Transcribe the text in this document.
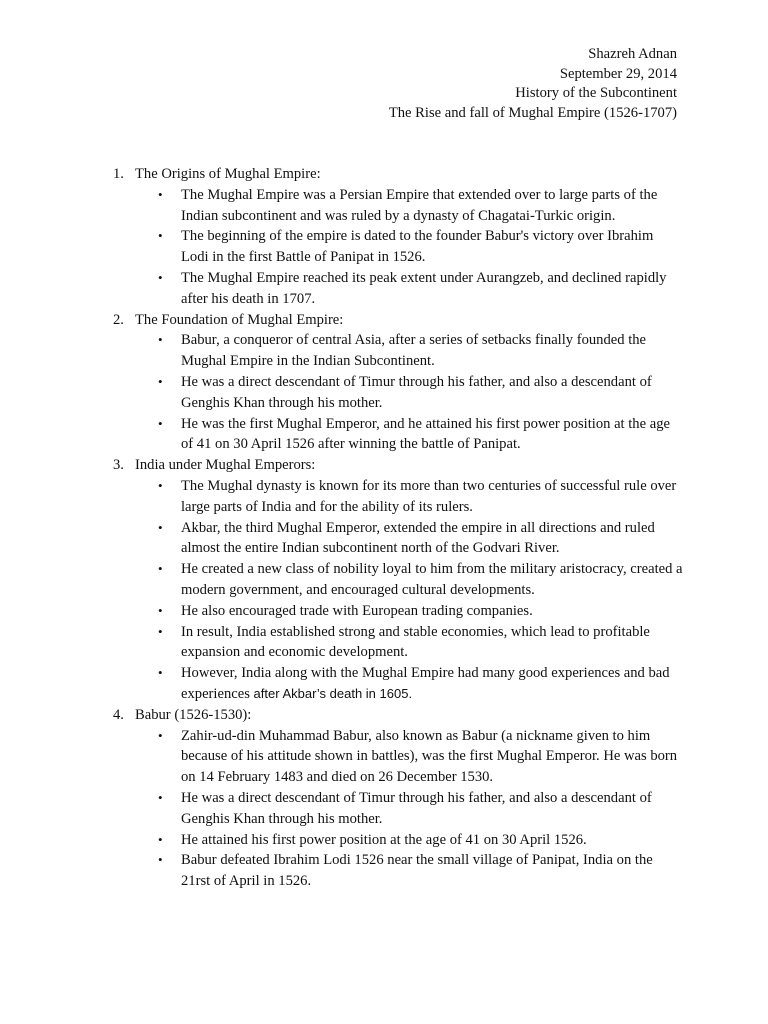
Shazreh Adnan
September 29, 2014
History of the Subcontinent
The Rise and fall of Mughal Empire (1526-1707)
1. The Origins of Mughal Empire:
• The Mughal Empire was a Persian Empire that extended over to large parts of the Indian subcontinent and was ruled by a dynasty of Chagatai-Turkic origin.
• The beginning of the empire is dated to the founder Babur's victory over Ibrahim Lodi in the first Battle of Panipat in 1526.
• The Mughal Empire reached its peak extent under Aurangzeb, and declined rapidly after his death in 1707.
2. The Foundation of Mughal Empire:
• Babur, a conqueror of central Asia, after a series of setbacks finally founded the Mughal Empire in the Indian Subcontinent.
• He was a direct descendant of Timur through his father, and also a descendant of Genghis Khan through his mother.
• He was the first Mughal Emperor, and he attained his first power position at the age of 41 on 30 April 1526 after winning the battle of Panipat.
3. India under Mughal Emperors:
• The Mughal dynasty is known for its more than two centuries of successful rule over large parts of India and for the ability of its rulers.
• Akbar, the third Mughal Emperor, extended the empire in all directions and ruled almost the entire Indian subcontinent north of the Godvari River.
• He created a new class of nobility loyal to him from the military aristocracy, created a modern government, and encouraged cultural developments.
• He also encouraged trade with European trading companies.
• In result, India established strong and stable economies, which lead to profitable expansion and economic development.
• However, India along with the Mughal Empire had many good experiences and bad experiences after Akbar’s death in 1605.
4. Babur (1526-1530):
• Zahir-ud-din Muhammad Babur, also known as Babur (a nickname given to him because of his attitude shown in battles), was the first Mughal Emperor. He was born on 14 February 1483 and died on 26 December 1530.
• He was a direct descendant of Timur through his father, and also a descendant of Genghis Khan through his mother.
• He attained his first power position at the age of 41 on 30 April 1526.
• Babur defeated Ibrahim Lodi 1526 near the small village of Panipat, India on the 21rst of April in 1526.
